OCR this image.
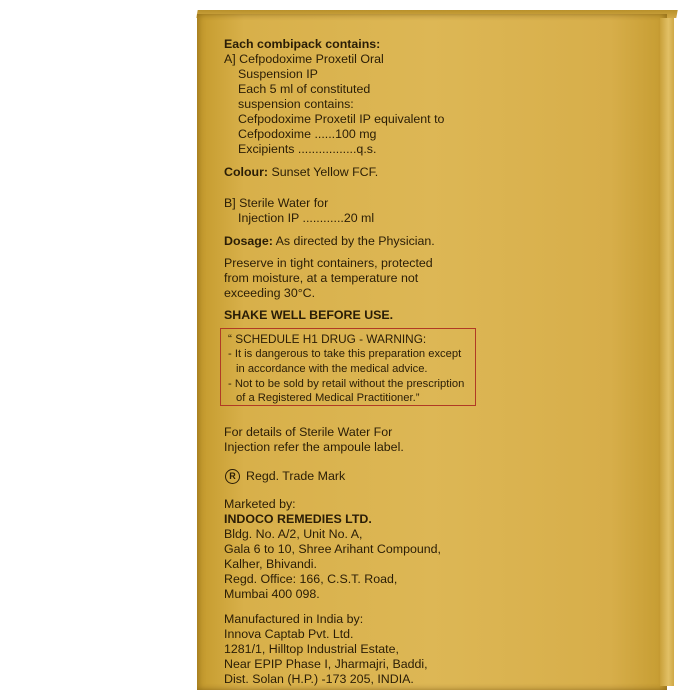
Each combipack contains:

A] Cefpodoxime Proxetil Oral

Suspension IP

Each 5 ml of constituted

suspension contains:

Cefpodoxime Proxetil IP equivalent to

Cefpodoxime ......100 mg

Excipients .................q.s.

Colour: Sunset Yellow FCF.

B] Sterile Water for

Injection IP ............20 ml

Dosage: As directed by the Physician.

Preserve in tight containers, protected

from moisture, at a temperature not

exceeding 30°C.

SHAKE WELL BEFORE USE.

“ SCHEDULE H1 DRUG - WARNING:

- It is dangerous to take this preparation except

in accordance with the medical advice.

- Not to be sold by retail without the prescription

of a Registered Medical Practitioner.”

For details of Sterile Water For

Injection refer the ampoule label.

R Regd. Trade Mark

Marketed by:

INDOCO REMEDIES LTD.

Bldg. No. A/2, Unit No. A,

Gala 6 to 10, Shree Arihant Compound,

Kalher, Bhivandi.

Regd. Office: 166, C.S.T. Road,

Mumbai 400 098.

Manufactured in India by:

Innova Captab Pvt. Ltd.

1281/1, Hilltop Industrial Estate,

Near EPIP Phase I, Jharmajri, Baddi,

Dist. Solan (H.P.) -173 205, INDIA.
